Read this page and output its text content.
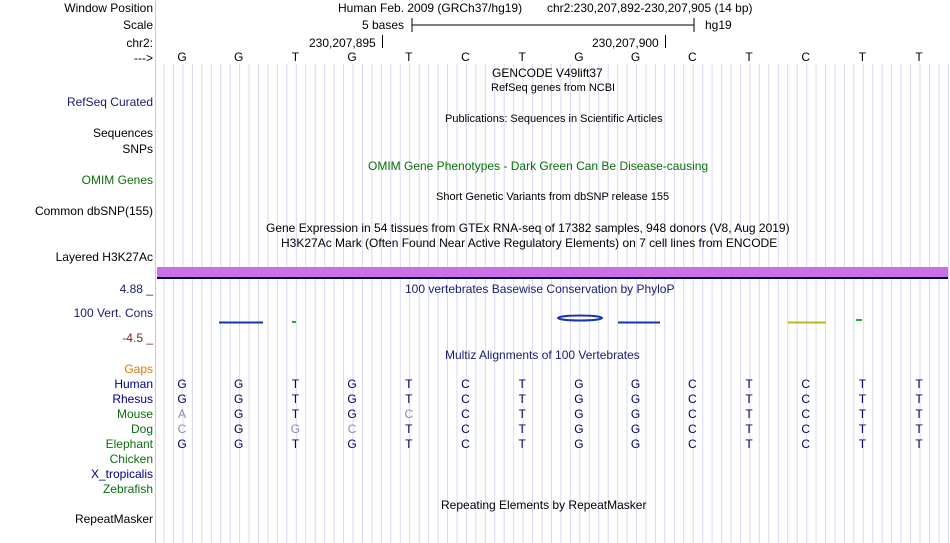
Window Position	Human Feb. 2009 (GRCh37/hg19) chr2:230,207,892-230,207,905 (14 bp)
Scale	5 bases	hg19
chr2:	230,207,895	230,207,900
--->	G	G	T	G	T	C	T	G	G	C	T	C	T	T
GENCODE V49lift37
RefSeq genes from NCBI
RefSeq Curated
Publications: Sequences in Scientific Articles
Sequences
SNPs
OMIM Gene Phenotypes - Dark Green Can Be Disease-causing
OMIM Genes
Short Genetic Variants from dbSNP release 155
Common dbSNP(155)
Gene Expression in 54 tissues from GTEx RNA-seq of 17382 samples, 948 donors (V8, Aug 2019)
H3K27Ac Mark (Often Found Near Active Regulatory Elements) on 7 cell lines from ENCODE
Layered H3K27Ac
4.88 _	100 vertebrates Basewise Conservation by PhyloP
100 Vert. Cons
-4.5 _
Multiz Alignments of 100 Vertebrates
Gaps
Human	G	G	T	G	T	C	T	G	G	C	T	C	T	T
Rhesus	G	G	T	G	T	C	T	G	G	C	T	C	T	T
Mouse	A	G	T	G	C	C	T	G	G	C	T	C	T	T
Dog	C	G	G	C	T	C	T	G	G	C	T	C	T	T
Elephant	G	G	T	G	T	C	T	G	G	C	T	C	T	T
Chicken
X_tropicalis
Zebrafish
RepeatMasker
Repeating Elements by RepeatMasker
